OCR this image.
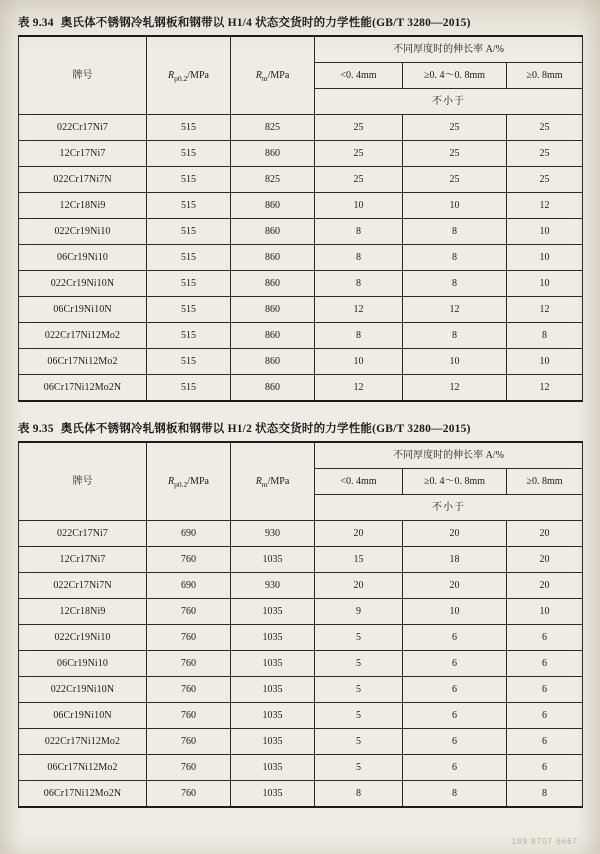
表 9.34 奥氏体不锈钢冷轧钢板和钢带以 H1/4 状态交货时的力学性能(GB/T 3280—2015)
牌号	$R_{p0.2}$/MPa	$R_m$/MPa	不同厚度时的伸长率 A/%		
			<0. 4mm	≥0. 4～0. 8mm	≥0. 8mm
			不小于		
022Cr17Ni7	515	825	25	25	25
12Cr17Ni7	515	860	25	25	25
022Cr17Ni7N	515	825	25	25	25
12Cr18Ni9	515	860	10	10	12
022Cr19Ni10	515	860	8	8	10
06Cr19Ni10	515	860	8	8	10
022Cr19Ni10N	515	860	8	8	10
06Cr19Ni10N	515	860	12	12	12
022Cr17Ni12Mo2	515	860	8	8	8
06Cr17Ni12Mo2	515	860	10	10	10
06Cr17Ni12Mo2N	515	860	12	12	12
表 9.35 奥氏体不锈钢冷轧钢板和钢带以 H1/2 状态交货时的力学性能(GB/T 3280—2015)
牌号	$R_{p0.2}$/MPa	$R_m$/MPa	不同厚度时的伸长率 A/%		
			<0. 4mm	≥0. 4～0. 8mm	≥0. 8mm
			不小于		
022Cr17Ni7	690	930	20	20	20
12Cr17Ni7	760	1035	15	18	20
022Cr17Ni7N	690	930	20	20	20
12Cr18Ni9	760	1035	9	10	10
022Cr19Ni10	760	1035	5	6	6
06Cr19Ni10	760	1035	5	6	6
022Cr19Ni10N	760	1035	5	6	6
06Cr19Ni10N	760	1035	5	6	6
022Cr17Ni12Mo2	760	1035	5	6	6
06Cr17Ni12Mo2	760	1035	5	6	6
06Cr17Ni12Mo2N	760	1035	8	8	8
189 8707 6667
